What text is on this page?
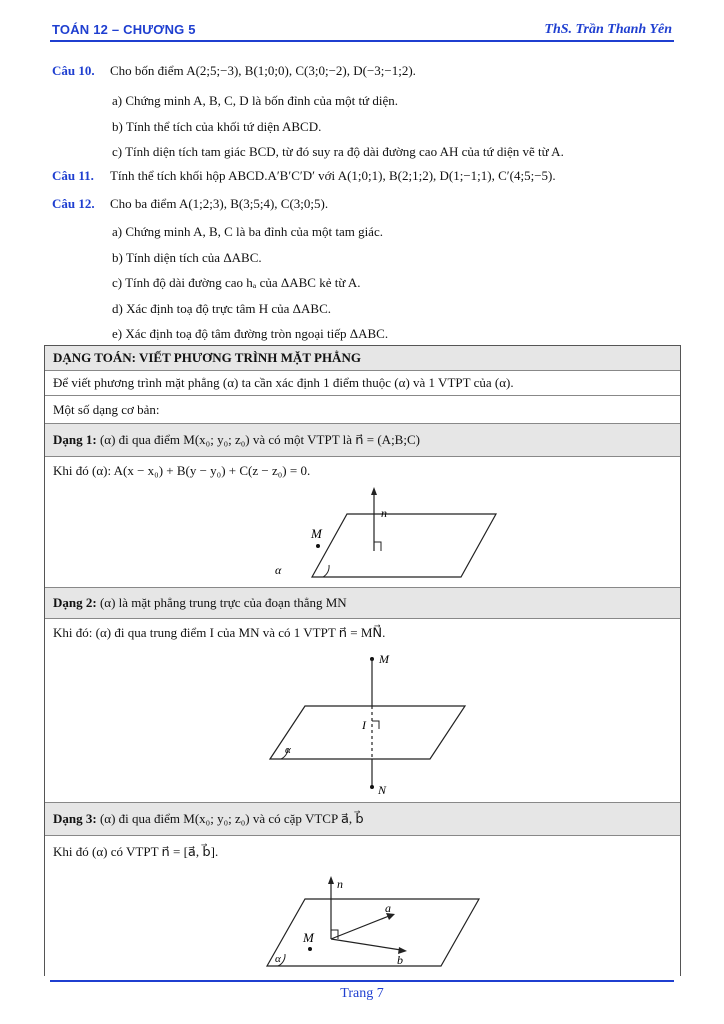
TOÁN 12 – CHƯƠNG 5	ThS. Trần Thanh Yên
Câu 10. Cho bốn điểm A(2;5;−3), B(1;0;0), C(3;0;−2), D(−3;−1;2).
a) Chứng minh A, B, C, D là bốn đỉnh của một tứ diện.
b) Tính thể tích của khối tứ diện ABCD.
c) Tính diện tích tam giác BCD, từ đó suy ra độ dài đường cao AH của tứ diện vẽ từ A.
Câu 11. Tính thể tích khối hộp ABCD.A′B′C′D′ với A(1;0;1), B(2;1;2), D(1;−1;1), C′(4;5;−5).
Câu 12. Cho ba điểm A(1;2;3), B(3;5;4), C(3;0;5).
a) Chứng minh A, B, C là ba đỉnh của một tam giác.
b) Tính diện tích của ΔABC.
c) Tính độ dài đường cao hₐ của ΔABC kẻ từ A.
d) Xác định toạ độ trực tâm H của ΔABC.
e) Xác định toạ độ tâm đường tròn ngoại tiếp ΔABC.
DẠNG TOÁN: VIẾT PHƯƠNG TRÌNH MẶT PHẲNG
Để viết phương trình mặt phẳng (α) ta cần xác định 1 điểm thuộc (α) và 1 VTPT của (α).
Một số dạng cơ bản:
Dạng 1: (α) đi qua điểm M(x₀; y₀; z₀) và có một VTPT là n⃗ = (A;B;C)
Khi đó (α): A(x − x₀) + B(y − y₀) + C(z − z₀) = 0.
α
M
n⃗
Dạng 2: (α) là mặt phẳng trung trực của đoạn thẳng MN
Khi đó: (α) đi qua trung điểm I của MN và có 1 VTPT n⃗ = MN⃗.
M
α
I
N
Dạng 3: (α) đi qua điểm M(x₀; y₀; z₀) và có cặp VTCP a⃗, b⃗
Khi đó (α) có VTPT n⃗ = [a⃗, b⃗].
α
M
n⃗
a⃗
b⃗
Trang 7
